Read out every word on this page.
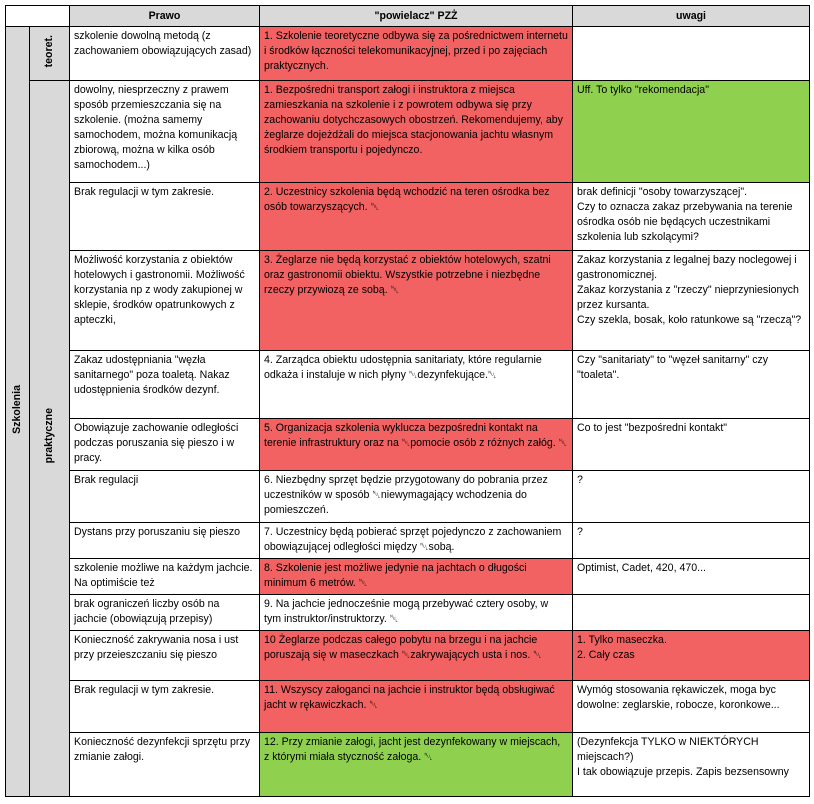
		Prawo	"powielacz" PZŻ	uwagi
Szkolenia	teoret.	szkolenie dowolną metodą (z zachowaniem obowiązujących zasad)	1. Szkolenie teoretyczne odbywa się za pośrednictwem internetu i środków łączności telekomunikacyjnej, przed i po zajęciach praktycznych.	
	praktyczne	dowolny, niesprzeczny z prawem sposób przemieszczania się na szkolenie. (można samemy samochodem, można komunikacją zbiorową, można w kilka osób samochodem...)	1. Bezpośredni transport załogi i instruktora z miejsca zamieszkania na szkolenie i z powrotem odbywa się przy zachowaniu dotychczasowych obostrzeń. Rekomendujemy, aby żeglarze dojeżdżali do miejsca stacjonowania jachtu własnym środkiem transportu i pojedynczo.	Uff. To tylko "rekomendacja"

		Brak regulacji w tym zakresie.	2. Uczestnicy szkolenia będą wchodzić na teren ośrodka bez osób towarzyszących. ␀	brak definicji "osoby towarzyszącej".
Czy to oznacza zakaz przebywania na terenie ośrodka osób nie będących uczestnikami szkolenia lub szkolącymi?

		Możliwość korzystania z obiektów hotelowych i gastronomii. Możliwość korzystania np z wody zakupionej w sklepie, środków opatrunkowych z apteczki,	3. Żeglarze nie będą korzystać z obiektów hotelowych, szatni oraz gastronomii obiektu. Wszystkie potrzebne i niezbędne rzeczy przywiozą ze sobą. ␀	Zakaz korzystania z legalnej bazy noclegowej i gastronomicznej.
Zakaz korzystania z "rzeczy" nieprzyniesionych przez kursanta.
Czy szekla, bosak, koło ratunkowe są "rzeczą"?

		Zakaz udostępniania "węzła sanitarnego" poza toaletą. Nakaz udostępnienia środków dezynf.	4. Zarządca obiektu udostępnia sanitariaty, które regularnie odkaża i instaluje w nich płyny ␀dezynfekujące.␀	Czy "sanitariaty" to "węzeł sanitarny" czy "toaleta".

		Obowiązuje zachowanie odległości podczas poruszania się pieszo i w pracy.	5. Organizacja szkolenia wyklucza bezpośredni kontakt na terenie infrastruktury oraz na ␀pomocie osób z różnych załóg. ␀	Co to jest "bezpośredni kontakt"

		Brak regulacji	6. Niezbędny sprzęt będzie przygotowany do pobrania przez uczestników w sposób ␀niewymagający wchodzenia do pomieszczeń.	?

		Dystans przy poruszaniu się pieszo	7. Uczestnicy będą pobierać sprzęt pojedynczo z zachowaniem obowiązującej odległości między ␀sobą.	?

		szkolenie możliwe na każdym jachcie. Na optimiście też	8. Szkolenie jest możliwe jedynie na jachtach o długości minimum 6 metrów. ␀	Optimist, Cadet, 420, 470...

		brak ograniczeń liczby osób na jachcie (obowiązują przepisy)	9. Na jachcie jednocześnie mogą przebywać cztery osoby, w tym instruktor/instruktorzy. ␀	
		Konieczność zakrywania nosa i ust przy przeieszczaniu się pieszo	10 Żeglarze podczas całego pobytu na brzegu i na jachcie poruszają się w maseczkach ␀zakrywających usta i nos. ␀	1. Tylko maseczka.
2. Cały czas

		Brak regulacji w tym zakresie.	11. Wszyscy załoganci na jachcie i instruktor będą obsługiwać jacht w rękawiczkach. ␀	Wymóg stosowania rękawiczek, moga byc dowolne: zeglarskie, robocze, koronkowe...

		Konieczność dezynfekcji sprzętu przy zmianie załogi.	12. Przy zmianie załogi, jacht jest dezynfekowany w miejscach, z którymi miała styczność załoga. ␀	(Dezynfekcja TYLKO w NIEKTÓRYCH miejscach?)
I tak obowiązuje przepis. Zapis bezsensowny
